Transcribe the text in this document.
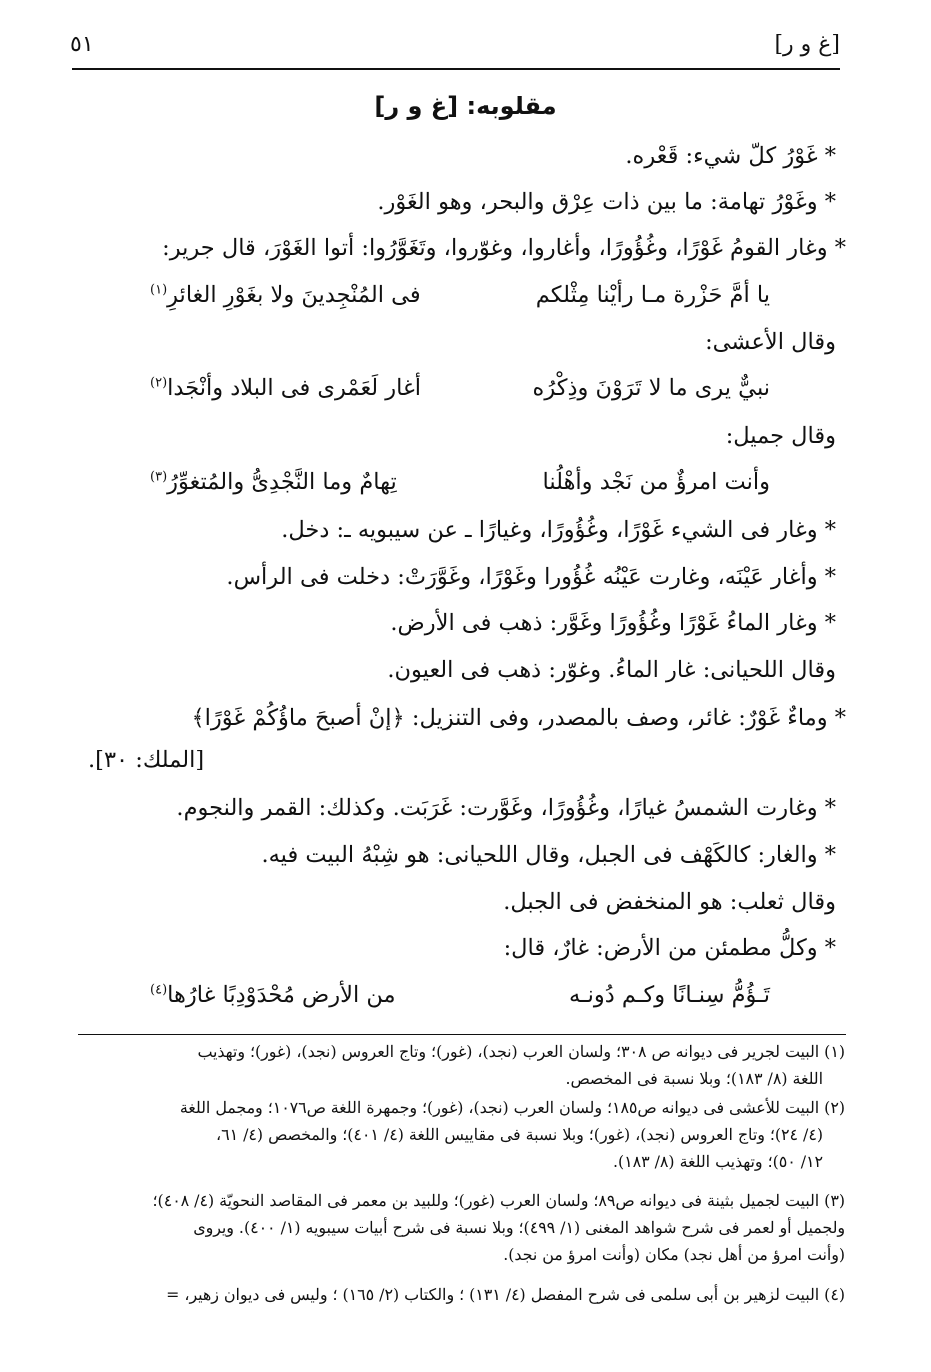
[غ و ر]
٥١
مقلوبه: [غ و ر]
* غَوْرُ كلّ شيء: قَعْره.
* وغَوْرُ تهامة: ما بين ذات عِرْق والبحر، وهو الغَوْر.
* وغار القومُ غَوْرًا، وغُؤُورًا، وأغاروا، وغوّروا، وتَغَوَّرُوا: أتوا الغَوْرَ، قال جرير:
يا أمَّ حَزْرة مـا رأيْنا مِثْلكم
فى المُنْجِدينَ ولا بغَوْرِ الغائرِ$^{(١)}$
وقال الأعشى:
نبيٌّ يرى ما لا تَرَوْنَ وذِكْرُه
أغار لَعَمْرى فى البلاد وأنْجَدا$^{(٢)}$
وقال جميل:
وأنت امرؤٌ من نَجْد وأهْلُنا
تِهامٌ وما النَّجْدِىُّ والمُتغوِّرُ$^{(٣)}$
* وغار فى الشيء غَوْرًا، وغُؤُورًا، وغيارًا ـ عن سيبويه ـ: دخل.
* وأغار عَيْنَه، وغارت عَيْنُه غُؤُورا وغَوْرًا، وغَوَّرَتْ: دخلت فى الرأس.
* وغار الماءُ غَوْرًا وغُؤُورًا وغَوَّر: ذهب فى الأرض.
وقال اللحيانى: غار الماءُ. وغوّر: ذهب فى العيون.
* وماءٌ غَوْرٌ: غائر، وصف بالمصدر، وفى التنزيل: ﴿إنْ أصبحَ ماؤُكُمْ غَوْرًا﴾
[الملك: ٣٠].
* وغارت الشمسُ غيارًا، وغُؤُورًا، وغَوَّرت: غَرَبَت. وكذلك: القمر والنجوم.
* والغار: كالكَهْف فى الجبل، وقال اللحيانى: هو شِبْهُ البيت فيه.
وقال ثعلب: هو المنخفض فى الجبل.
* وكلُّ مطمئن من الأرض: غارٌ، قال:
تَـؤُمُّ سِنـانًا وكـم دُونـه
من الأرض مُحْدَوْدِبًا غارُها$^{(٤)}$
(١) البيت لجرير فى ديوانه ص ٣٠٨؛ ولسان العرب (نجد)، (غور)؛ وتاج العروس (نجد)، (غور)؛ وتهذيب
اللغة (٨/ ١٨٣)؛ وبلا نسبة فى المخصص.
(٢) البيت للأعشى فى ديوانه ص١٨٥؛ ولسان العرب (نجد)، (غور)؛ وجمهرة اللغة ص١٠٧٦؛ ومجمل اللغة
(٤/ ٢٤)؛ وتاج العروس (نجد)، (غور)؛ وبلا نسبة فى مقاييس اللغة (٤/ ٤٠١)؛ والمخصص (٤/ ٦١،
١٢/ ٥٠)؛ وتهذيب اللغة (٨/ ١٨٣).
(٣) البيت لجميل بثينة فى ديوانه ص٨٩؛ ولسان العرب (غور)؛ وللبيد بن معمر فى المقاصد النحويّة (٤/ ٤٠٨)؛
ولجميل أو لعمر فى شرح شواهد المغنى (١/ ٤٩٩)؛ وبلا نسبة فى شرح أبيات سيبويه (١/ ٤٠٠). ويروى
(وأنت امرؤ من أهل نجد) مكان (وأنت امرؤ من نجد).
(٤) البيت لزهير بن أبى سلمى فى شرح المفصل (٤/ ١٣١) ؛ والكتاب (٢/ ١٦٥) ؛ وليس فى ديوان زهير، =
